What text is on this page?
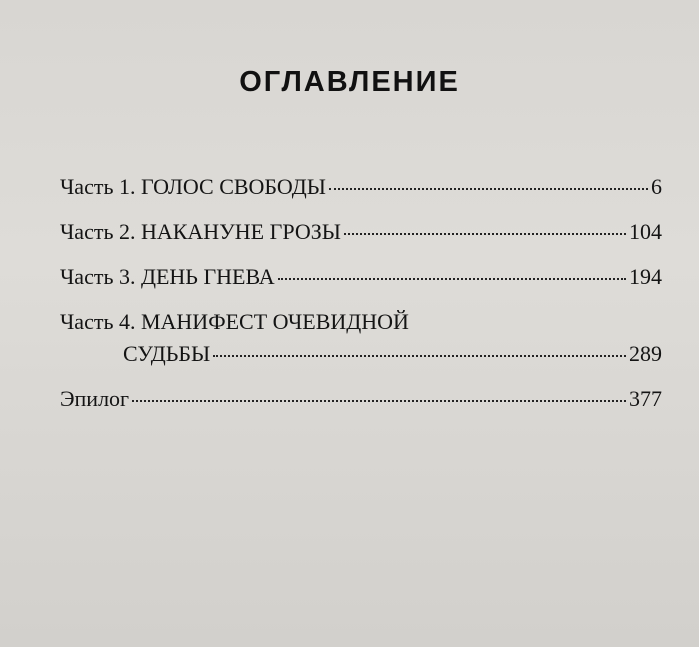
ОГЛАВЛЕНИЕ
Часть 1. ГОЛОС СВОБОДЫ	6
Часть 2. НАКАНУНЕ ГРОЗЫ	104
Часть 3. ДЕНЬ ГНЕВА	194
Часть 4. МАНИФЕСТ ОЧЕВИДНОЙ
СУДЬБЫ	289
Эпилог	377
